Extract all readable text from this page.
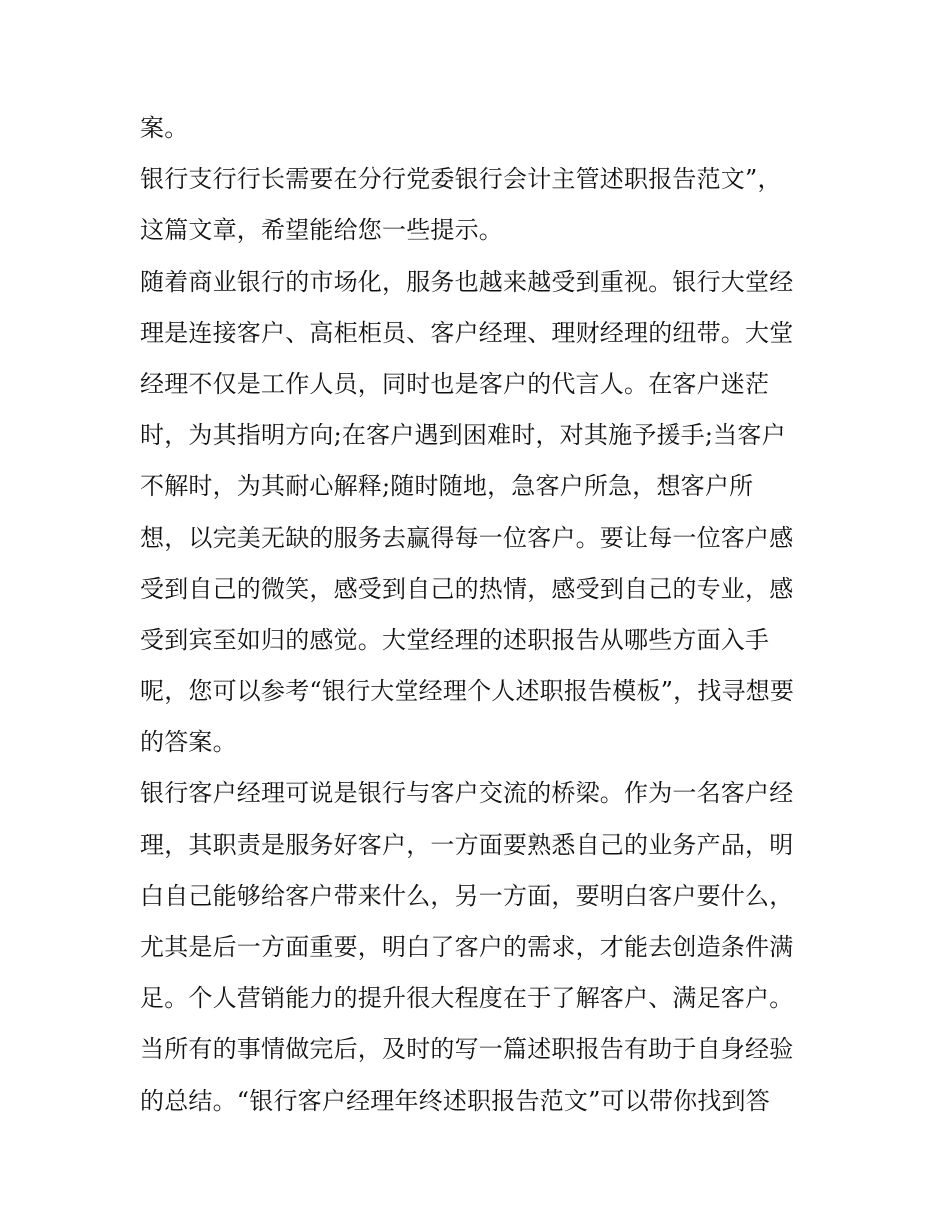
案。
银行支行行长需要在分行党委银行会计主管述职报告范文”，
这篇文章，希望能给您一些提示。
随着商业银行的市场化，服务也越来越受到重视。银行大堂经
理是连接客户、高柜柜员、客户经理、理财经理的纽带。大堂
经理不仅是工作人员，同时也是客户的代言人。在客户迷茫
时，为其指明方向;在客户遇到困难时，对其施予援手;当客户
不解时，为其耐心解释;随时随地，急客户所急，想客户所
想，以完美无缺的服务去赢得每一位客户。要让每一位客户感
受到自己的微笑，感受到自己的热情，感受到自己的专业，感
受到宾至如归的感觉。大堂经理的述职报告从哪些方面入手
呢，您可以参考“银行大堂经理个人述职报告模板”，找寻想要
的答案。
银行客户经理可说是银行与客户交流的桥梁。作为一名客户经
理，其职责是服务好客户，一方面要熟悉自己的业务产品，明
白自己能够给客户带来什么，另一方面，要明白客户要什么，
尤其是后一方面重要，明白了客户的需求，才能去创造条件满
足。个人营销能力的提升很大程度在于了解客户、满足客户。
当所有的事情做完后，及时的写一篇述职报告有助于自身经验
的总结。“银行客户经理年终述职报告范文”可以带你找到答
